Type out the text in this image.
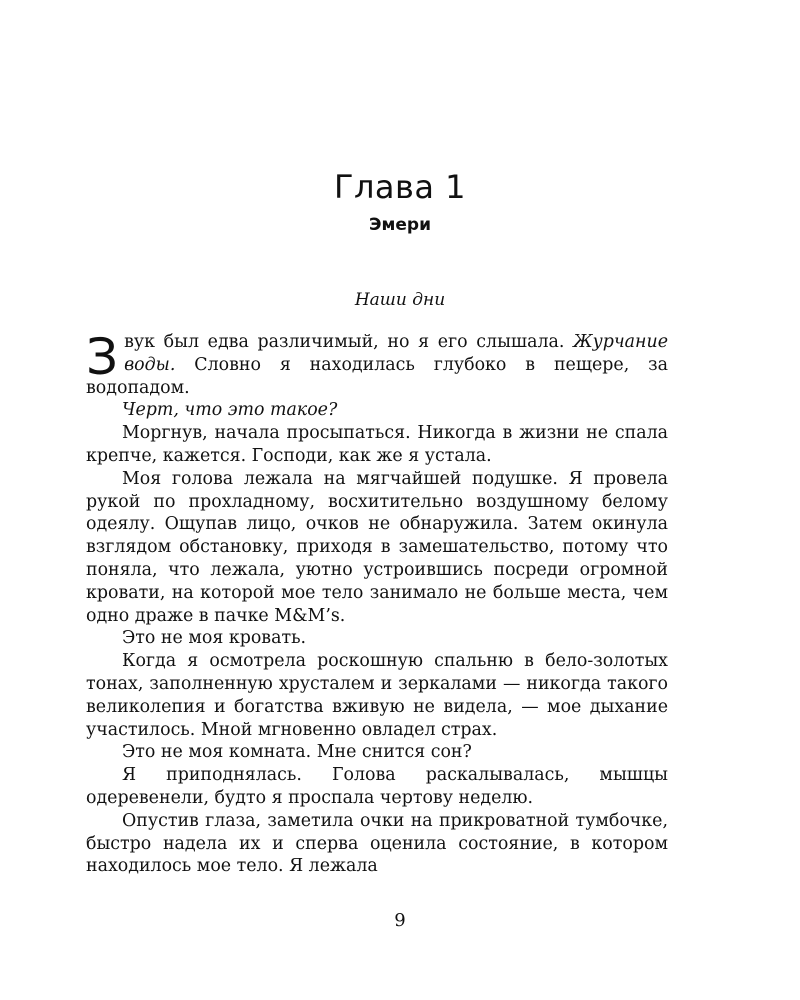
Глава 1
Эмери
Наши дни

Звук был едва различимый, но я его слышала. Журчание воды. Словно я находилась глубоко в пещере, за водопадом.

Черт, что это такое?

Моргнув, начала просыпаться. Никогда в жизни не спала крепче, кажется. Господи, как же я устала.

Моя голова лежала на мягчайшей подушке. Я провела рукой по прохладному, восхитительно воздушному белому одеялу. Ощупав лицо, очков не обнаружила. Затем окинула взглядом обстановку, приходя в замешательство, потому что поняла, что лежала, уютно устроившись посреди огромной кровати, на которой мое тело занимало не больше места, чем одно драже в пачке M&M’s.

Это не моя кровать.

Когда я осмотрела роскошную спальню в бело-золотых тонах, заполненную хрусталем и зеркалами — никогда такого великолепия и богатства вживую не видела, — мое дыхание участилось. Мной мгновенно овладел страх.

Это не моя комната. Мне снится сон?

Я приподнялась. Голова раскалывалась, мышцы одеревенели, будто я проспала чертову неделю.

Опустив глаза, заметила очки на прикроватной тумбочке, быстро надела их и сперва оценила состояние, в котором находилось мое тело. Я лежала

9
